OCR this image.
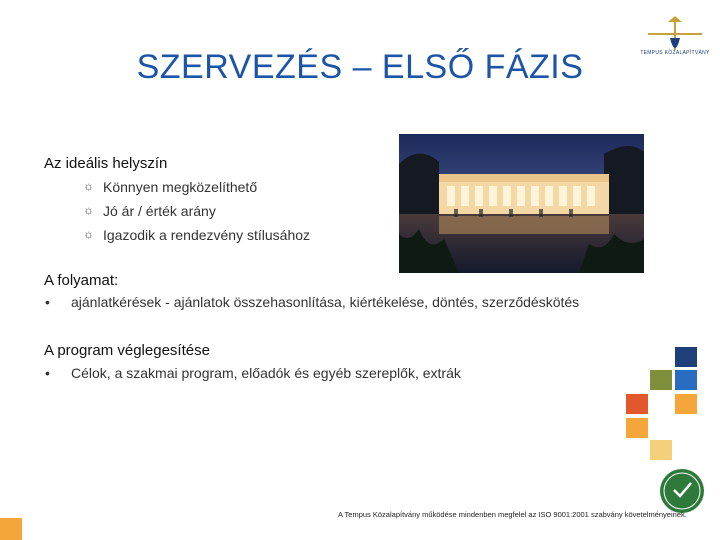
SZERVEZÉS – ELSŐ FÁZIS	TEMPUS KÖZALAPÍTVÁNY
Az ideális helyszín
☼ Könnyen megközelíthető
☼ Jó ár / érték arány
☼ Igazodik a rendezvény stílusához
A folyamat:
• ajánlatkérések - ajánlatok összehasonlítása, kiértékelése, döntés, szerződéskötés
A program véglegesítése
• Célok, a szakmai program, előadók és egyéb szereplők, extrák
A Tempus Közalapítvány működése mindenben megfelel az ISO 9001:2001 szabvány követelményeinek.
